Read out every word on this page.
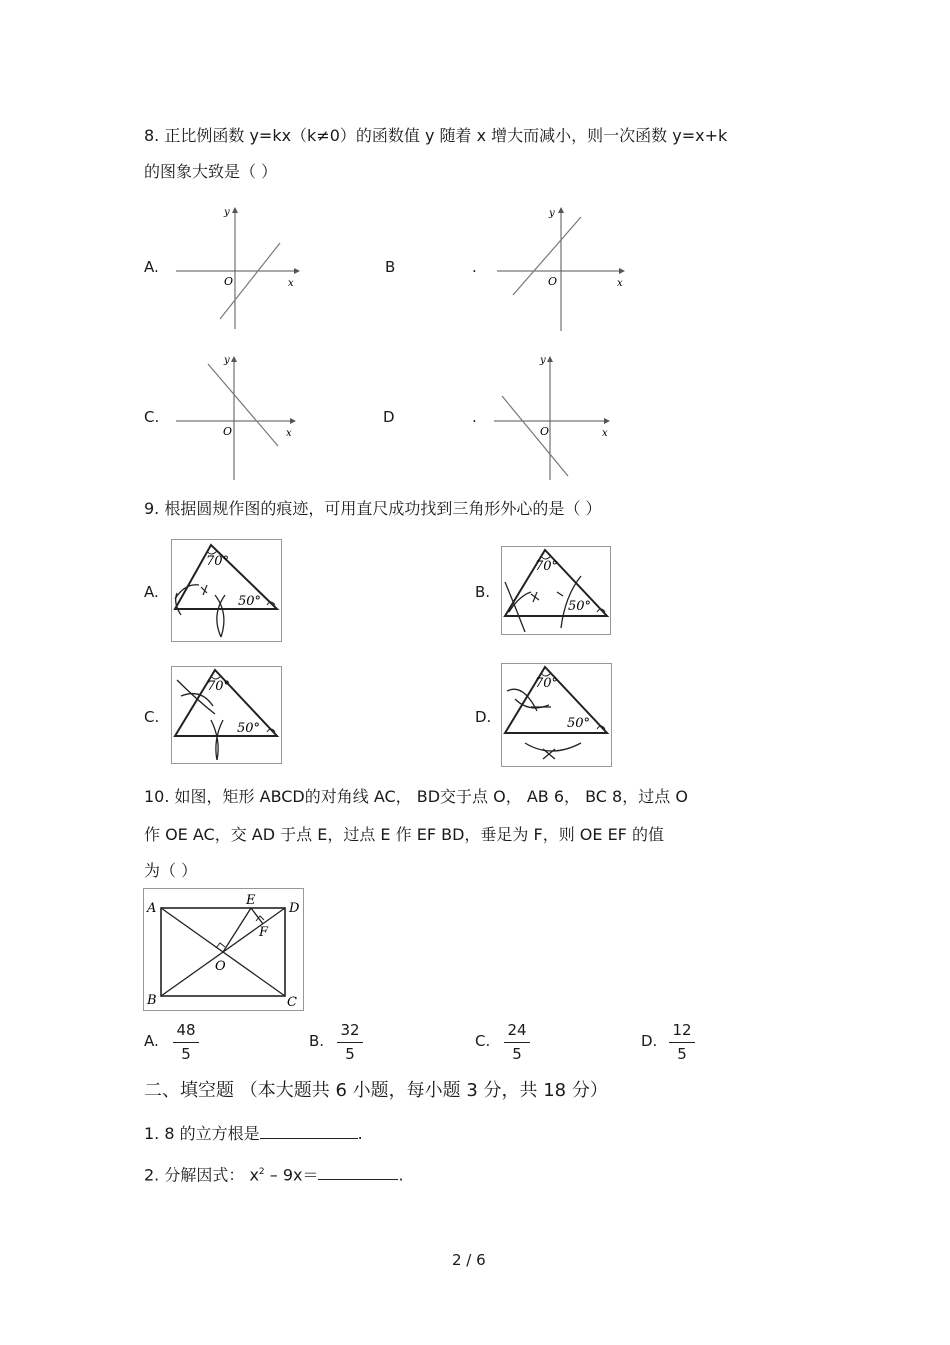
8. 正比例函数 y=kx（k≠0）的函数值 y 随着 x 增大而减小，则一次函数 y=x+k
的图象大致是（ ）
A.
y
x
O
B	.
y
x
O
C.
y
x
O
D	.
y
x
O
9. 根据圆规作图的痕迹，可用直尺成功找到三角形外心的是（ ）
A.
70°
50°
B.
70°
50°
C.
70°
50°
D.
70°
50°
10. 如图，矩形 ABCD的对角线 AC， BD交于点 O， AB 6， BC 8，过点 O
作 OE AC，交 AD 于点 E，过点 E 作 EF BD，垂足为 F，则 OE EF 的值
为（ ）
A
B	C
D
E
F
O
A.
48
5
B.
32
5
C.
24
5
D.
12
5
二、填空题 （本大题共 6 小题，每小题 3 分，共 18 分）
1. 8 的立方根是	.
2. 分解因式： $x^2 - 9x=$	.
2 / 6
